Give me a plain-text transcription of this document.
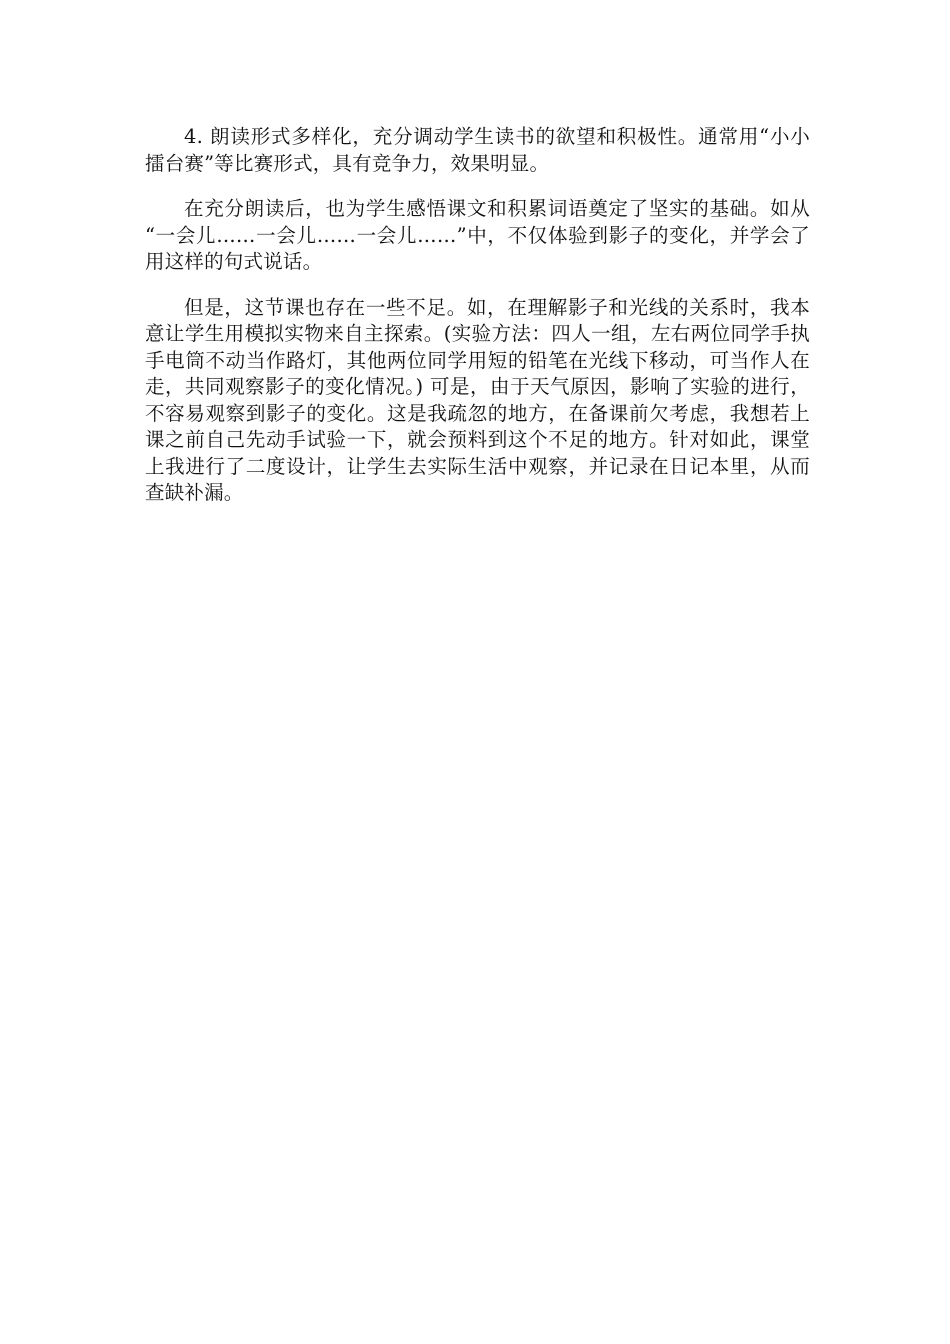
4. 朗读形式多样化，充分调动学生读书的欲望和积极性。通常用“小小擂台赛”等比赛形式，具有竞争力，效果明显。

在充分朗读后，也为学生感悟课文和积累词语奠定了坚实的基础。如从 “一会儿……一会儿……一会儿……”中，不仅体验到影子的变化，并学会了用这样的句式说话。

但是，这节课也存在一些不足。如，在理解影子和光线的关系时，我本意让学生用模拟实物来自主探索。(实验方法：四人一组，左右两位同学手执手电筒不动当作路灯，其他两位同学用短的铅笔在光线下移动，可当作人在走，共同观察影子的变化情况。) 可是，由于天气原因，影响了实验的进行，不容易观察到影子的变化。这是我疏忽的地方，在备课前欠考虑，我想若上课之前自己先动手试验一下，就会预料到这个不足的地方。针对如此，课堂上我进行了二度设计，让学生去实际生活中观察，并记录在日记本里，从而查缺补漏。
